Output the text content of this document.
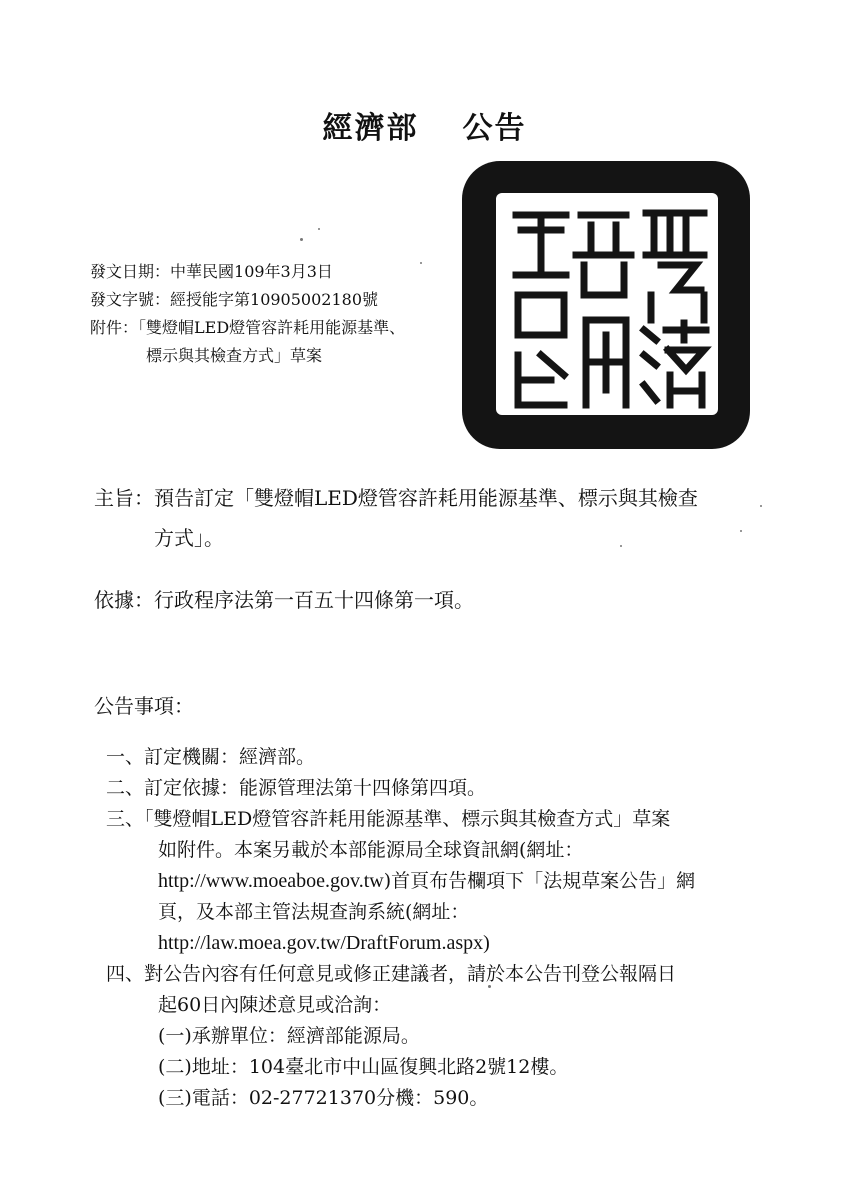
經濟部 公告
發文日期：中華民國109年3月3日
發文字號：經授能字第10905002180號
附件：「雙燈帽LED燈管容許耗用能源基準、
標示與其檢查方式」草案
主旨：預告訂定「雙燈帽LED燈管容許耗用能源基準、標示與其檢查
方式」。
依據：行政程序法第一百五十四條第一項。
公告事項：
一、訂定機關：經濟部。
二、訂定依據：能源管理法第十四條第四項。
三、「雙燈帽LED燈管容許耗用能源基準、標示與其檢查方式」草案
如附件。本案另載於本部能源局全球資訊網(網址：
http://www.moeaboe.gov.tw)首頁布告欄項下「法規草案公告」網
頁，及本部主管法規查詢系統(網址：
http://law.moea.gov.tw/DraftForum.aspx)
四、對公告內容有任何意見或修正建議者，請於本公告刊登公報隔日
起60日內陳述意見或洽詢：
(一)承辦單位：經濟部能源局。
(二)地址：104臺北市中山區復興北路2號12樓。
(三)電話：02-27721370分機：590。
